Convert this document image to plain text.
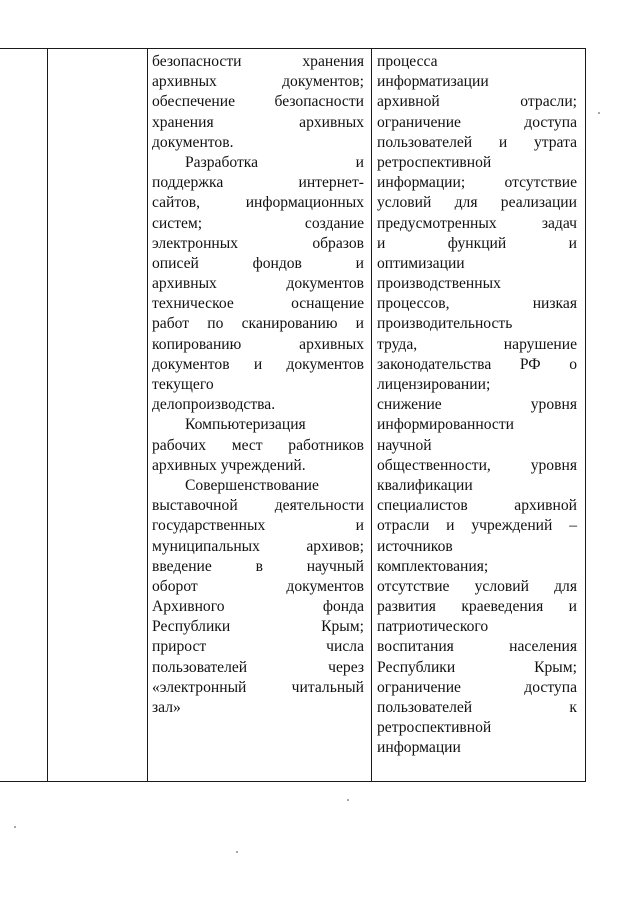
безопасности хранения
архивных документов;
обеспечение безопасности
хранения архивных
документов.
Разработка и
поддержка интернет-
сайтов, информационных
систем; создание
электронных образов
описей фондов и
архивных документов
техническое оснащение
работ по сканированию и
копированию архивных
документов и документов
текущего
делопроизводства.
Компьютеризация
рабочих мест работников
архивных учреждений.
Совершенствование
выставочной деятельности
государственных и
муниципальных архивов;
введение в научный
оборот документов
Архивного фонда
Республики Крым;
прирост числа
пользователей через
«электронный читальный
зал»
процесса
информатизации
архивной отрасли;
ограничение доступа
пользователей и утрата
ретроспективной
информации; отсутствие
условий для реализации
предусмотренных задач
и функций и
оптимизации
производственных
процессов, низкая
производительность
труда, нарушение
законодательства РФ о
лицензировании;
снижение уровня
информированности
научной
общественности, уровня
квалификации
специалистов архивной
отрасли и учреждений –
источников
комплектования;
отсутствие условий для
развития краеведения и
патриотического
воспитания населения
Республики Крым;
ограничение доступа
пользователей к
ретроспективной
информации
